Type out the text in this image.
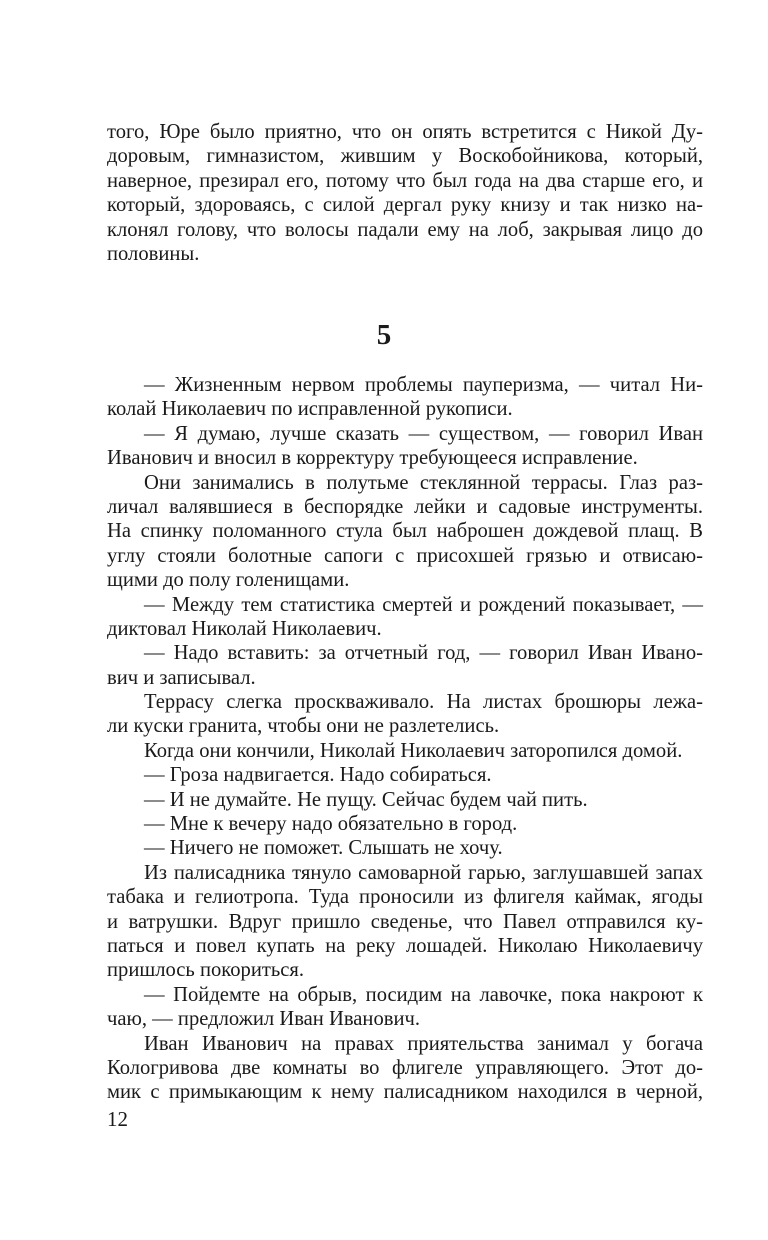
того, Юре было приятно, что он опять встретится с Никой Ду-
доровым, гимназистом, жившим у Воскобойникова, который,
наверное, презирал его, потому что был года на два старше его, и
который, здороваясь, с силой дергал руку книзу и так низко на-
клонял голову, что волосы падали ему на лоб, закрывая лицо до
половины.
5
— Жизненным нервом проблемы пауперизма, — читал Ни-
колай Николаевич по исправленной рукописи.
— Я думаю, лучше сказать — существом, — говорил Иван
Иванович и вносил в корректуру требующееся исправление.
Они занимались в полутьме стеклянной террасы. Глаз раз-
личал валявшиеся в беспорядке лейки и садовые инструменты.
На спинку поломанного стула был наброшен дождевой плащ. В
углу стояли болотные сапоги с присохшей грязью и отвисаю-
щими до полу голенищами.
— Между тем статистика смертей и рождений показывает, —
диктовал Николай Николаевич.
— Надо вставить: за отчетный год, — говорил Иван Ивано-
вич и записывал.
Террасу слегка просквaживало. На листах брошюры лежа-
ли куски гранита, чтобы они не разлетелись.
Когда они кончили, Николай Николаевич заторопился домой.
— Гроза надвигается. Надо собираться.
— И не думайте. Не пущу. Сейчас будем чай пить.
— Мне к вечеру надо обязательно в город.
— Ничего не поможет. Слышать не хочу.
Из палисадника тянуло самоварной гарью, заглушавшей запах
табака и гелиотропа. Туда проносили из флигеля каймак, ягоды
и ватрушки. Вдруг пришло сведенье, что Павел отправился ку-
паться и повел купать на реку лошадей. Николаю Николаевичу
пришлось покориться.
— Пойдемте на обрыв, посидим на лавочке, пока накроют к
чаю, — предложил Иван Иванович.
Иван Иванович на правах приятельства занимал у богача
Кологривова две комнаты во флигеле управляющего. Этот до-
мик с примыкающим к нему палисадником находился в черной,
12
